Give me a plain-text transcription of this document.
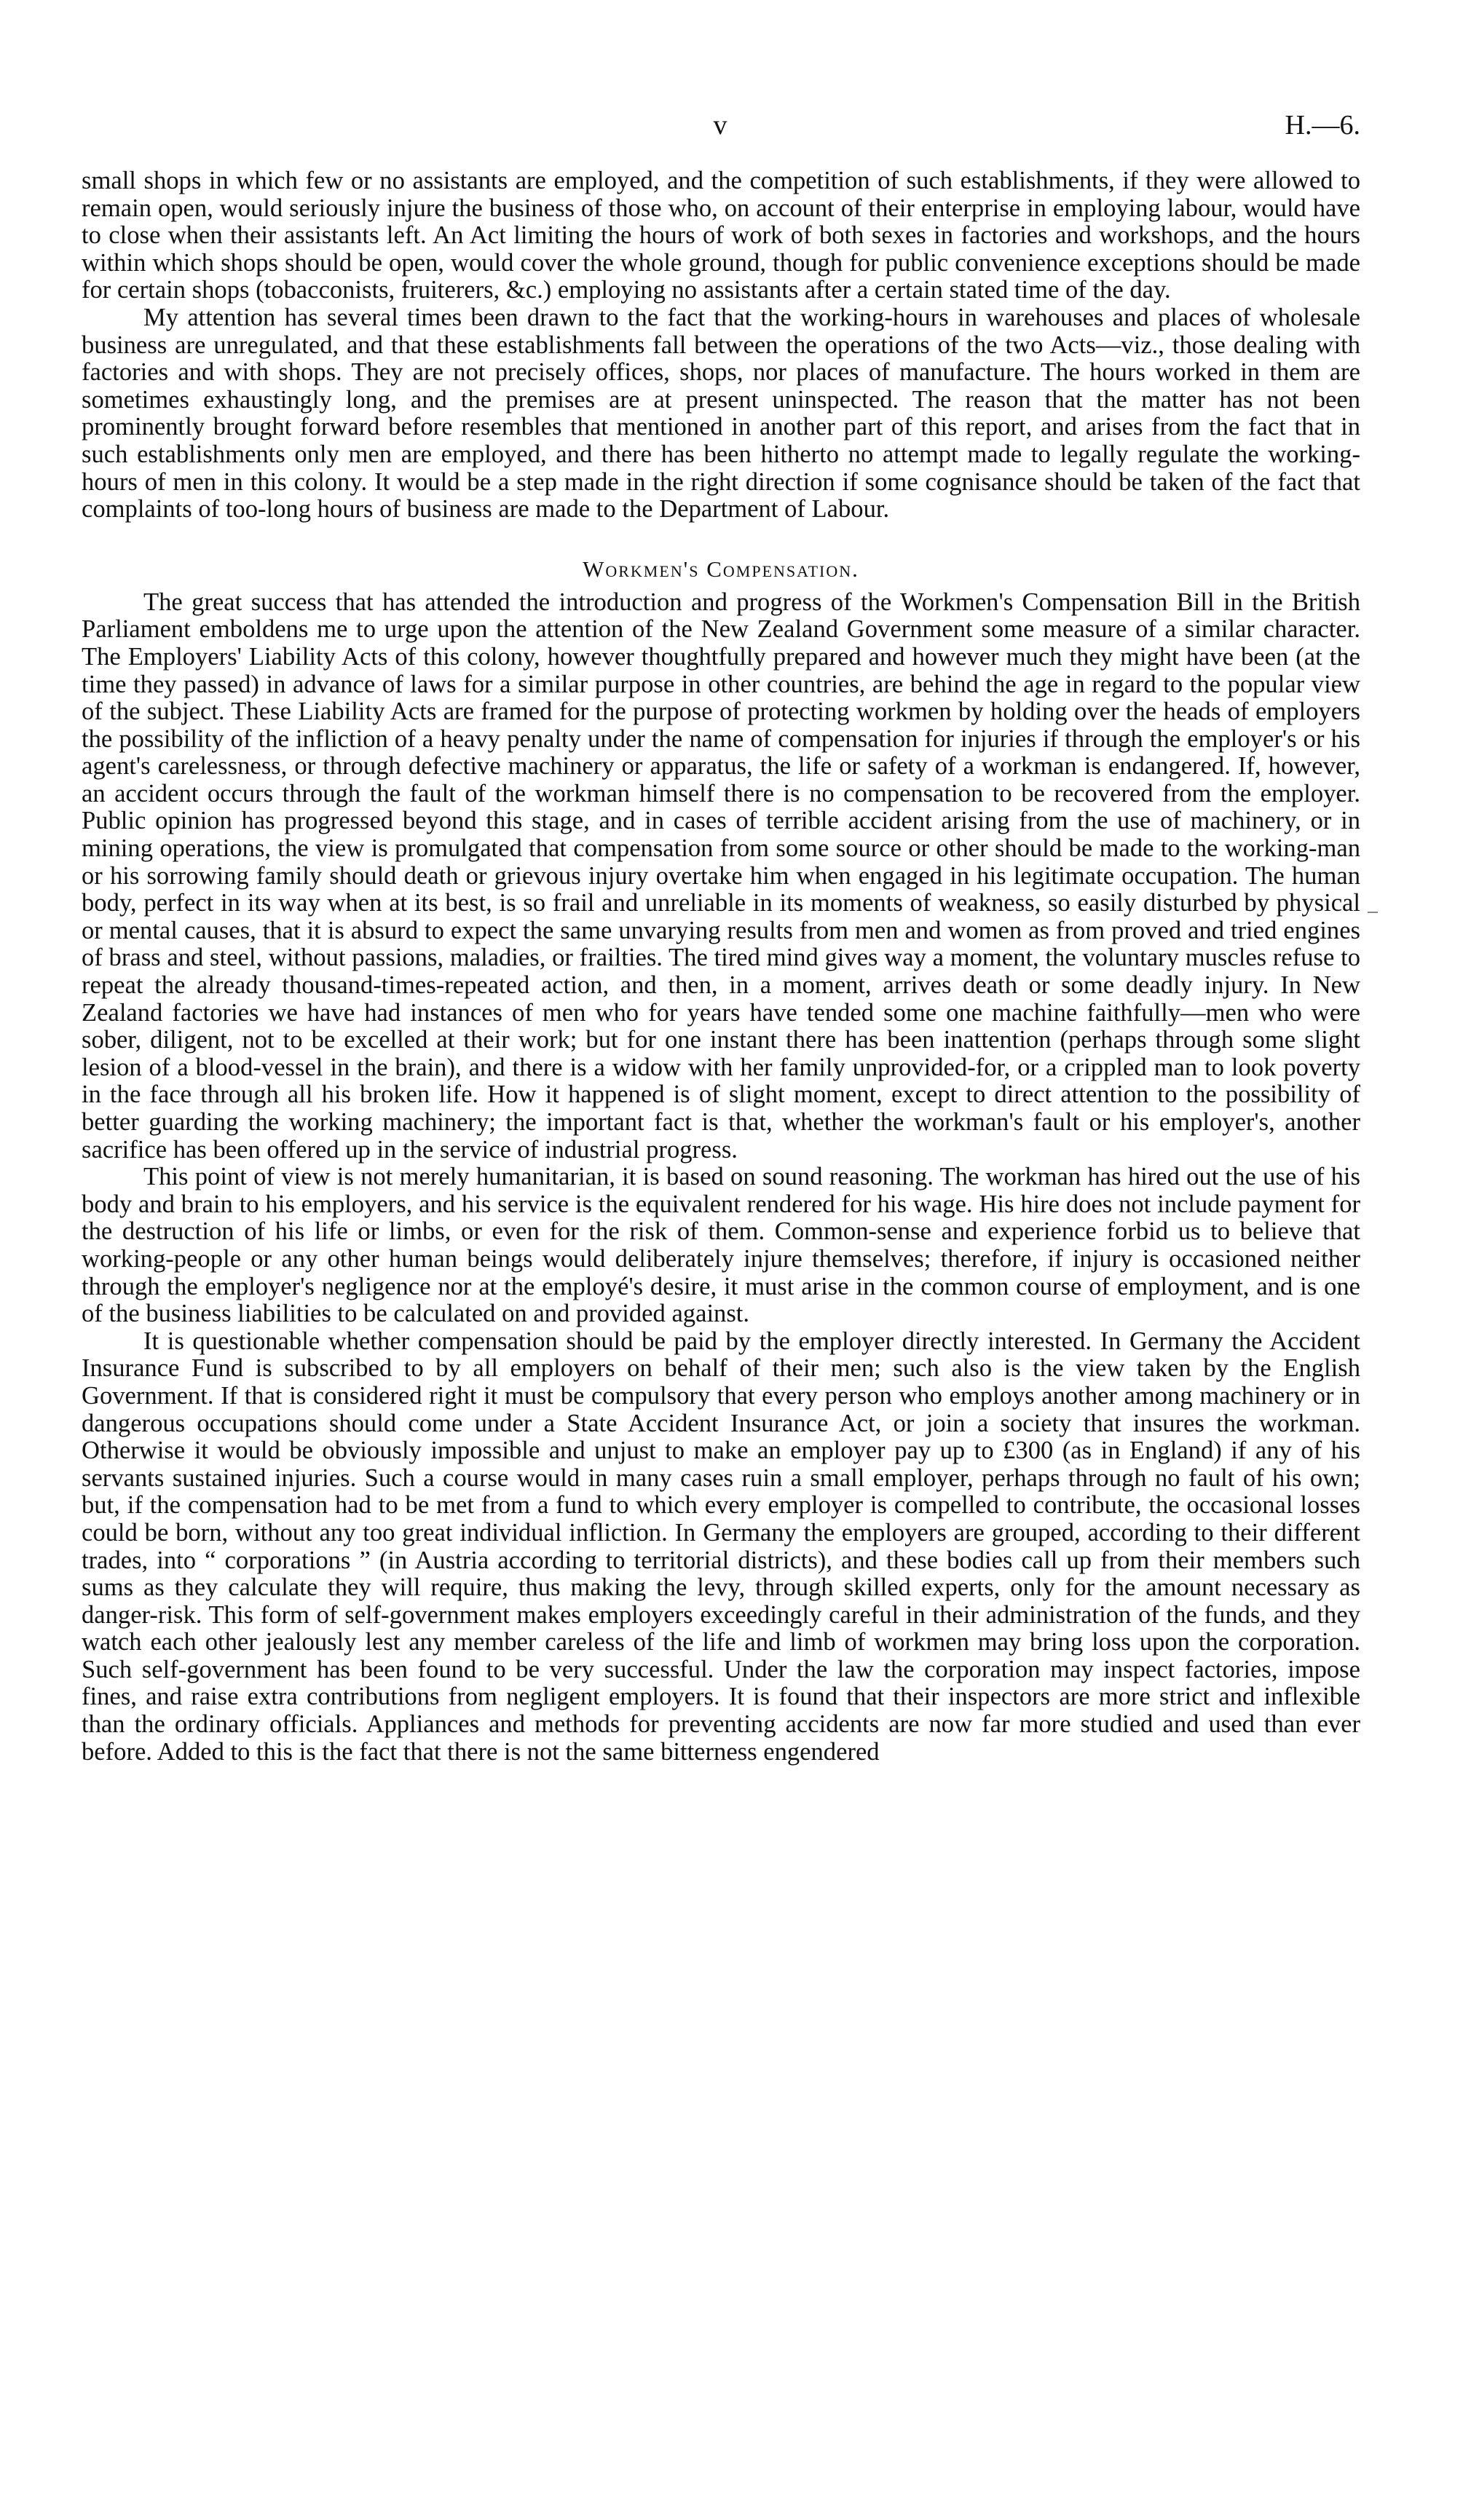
v	H.—6.

small shops in which few or no assistants are employed, and the competition of such establishments, if they were allowed to remain open, would seriously injure the business of those who, on account of their enterprise in employing labour, would have to close when their assistants left. An Act limiting the hours of work of both sexes in factories and workshops, and the hours within which shops should be open, would cover the whole ground, though for public convenience exceptions should be made for certain shops (tobacconists, fruiterers, &c.) employing no assistants after a certain stated time of the day.

My attention has several times been drawn to the fact that the working-hours in warehouses and places of wholesale business are unregulated, and that these establishments fall between the operations of the two Acts—viz., those dealing with factories and with shops. They are not precisely offices, shops, nor places of manufacture. The hours worked in them are sometimes exhaustingly long, and the premises are at present uninspected. The reason that the matter has not been prominently brought forward before resembles that mentioned in another part of this report, and arises from the fact that in such establishments only men are employed, and there has been hitherto no attempt made to legally regulate the working-hours of men in this colony. It would be a step made in the right direction if some cognisance should be taken of the fact that complaints of too-long hours of business are made to the Department of Labour.

Workmen's Compensation.

The great success that has attended the introduction and progress of the Workmen's Compensation Bill in the British Parliament emboldens me to urge upon the attention of the New Zealand Government some measure of a similar character. The Employers' Liability Acts of this colony, however thoughtfully prepared and however much they might have been (at the time they passed) in advance of laws for a similar purpose in other countries, are behind the age in regard to the popular view of the subject. These Liability Acts are framed for the purpose of protecting workmen by holding over the heads of employers the possibility of the infliction of a heavy penalty under the name of compensation for injuries if through the employer's or his agent's carelessness, or through defective machinery or apparatus, the life or safety of a workman is endangered. If, however, an accident occurs through the fault of the workman himself there is no compensation to be recovered from the employer. Public opinion has progressed beyond this stage, and in cases of terrible accident arising from the use of machinery, or in mining operations, the view is promulgated that compensation from some source or other should be made to the working-man or his sorrowing family should death or grievous injury overtake him when engaged in his legitimate occupation. The human body, perfect in its way when at its best, is so frail and unreliable in its moments of weakness, so easily disturbed by physical or mental causes, that it is absurd to expect the same unvarying results from men and women as from proved and tried engines of brass and steel, without passions, maladies, or frailties. The tired mind gives way a moment, the voluntary muscles refuse to repeat the already thousand-times-repeated action, and then, in a moment, arrives death or some deadly injury. In New Zealand factories we have had instances of men who for years have tended some one machine faithfully—men who were sober, diligent, not to be excelled at their work; but for one instant there has been inattention (perhaps through some slight lesion of a blood-vessel in the brain), and there is a widow with her family unprovided-for, or a crippled man to look poverty in the face through all his broken life. How it happened is of slight moment, except to direct attention to the possibility of better guarding the working machinery; the important fact is that, whether the workman's fault or his employer's, another sacrifice has been offered up in the service of industrial progress.

This point of view is not merely humanitarian, it is based on sound reasoning. The workman has hired out the use of his body and brain to his employers, and his service is the equivalent rendered for his wage. His hire does not include payment for the destruction of his life or limbs, or even for the risk of them. Common-sense and experience forbid us to believe that working-people or any other human beings would deliberately injure themselves; therefore, if injury is occasioned neither through the employer's negligence nor at the employé's desire, it must arise in the common course of employment, and is one of the business liabilities to be calculated on and provided against.

It is questionable whether compensation should be paid by the employer directly interested. In Germany the Accident Insurance Fund is subscribed to by all employers on behalf of their men; such also is the view taken by the English Government. If that is considered right it must be compulsory that every person who employs another among machinery or in dangerous occupations should come under a State Accident Insurance Act, or join a society that insures the workman. Otherwise it would be obviously impossible and unjust to make an employer pay up to £300 (as in England) if any of his servants sustained injuries. Such a course would in many cases ruin a small employer, perhaps through no fault of his own; but, if the compensation had to be met from a fund to which every employer is compelled to contribute, the occasional losses could be born, without any too great individual infliction. In Germany the employers are grouped, according to their different trades, into “ corporations ” (in Austria according to territorial districts), and these bodies call up from their members such sums as they calculate they will require, thus making the levy, through skilled experts, only for the amount necessary as danger-risk. This form of self-government makes employers exceedingly careful in their administration of the funds, and they watch each other jealously lest any member careless of the life and limb of workmen may bring loss upon the corporation. Such self-government has been found to be very successful. Under the law the corporation may inspect factories, impose fines, and raise extra contributions from negligent employers. It is found that their inspectors are more strict and inflexible than the ordinary officials. Appliances and methods for preventing accidents are now far more studied and used than ever before. Added to this is the fact that there is not the same bitterness engendered
